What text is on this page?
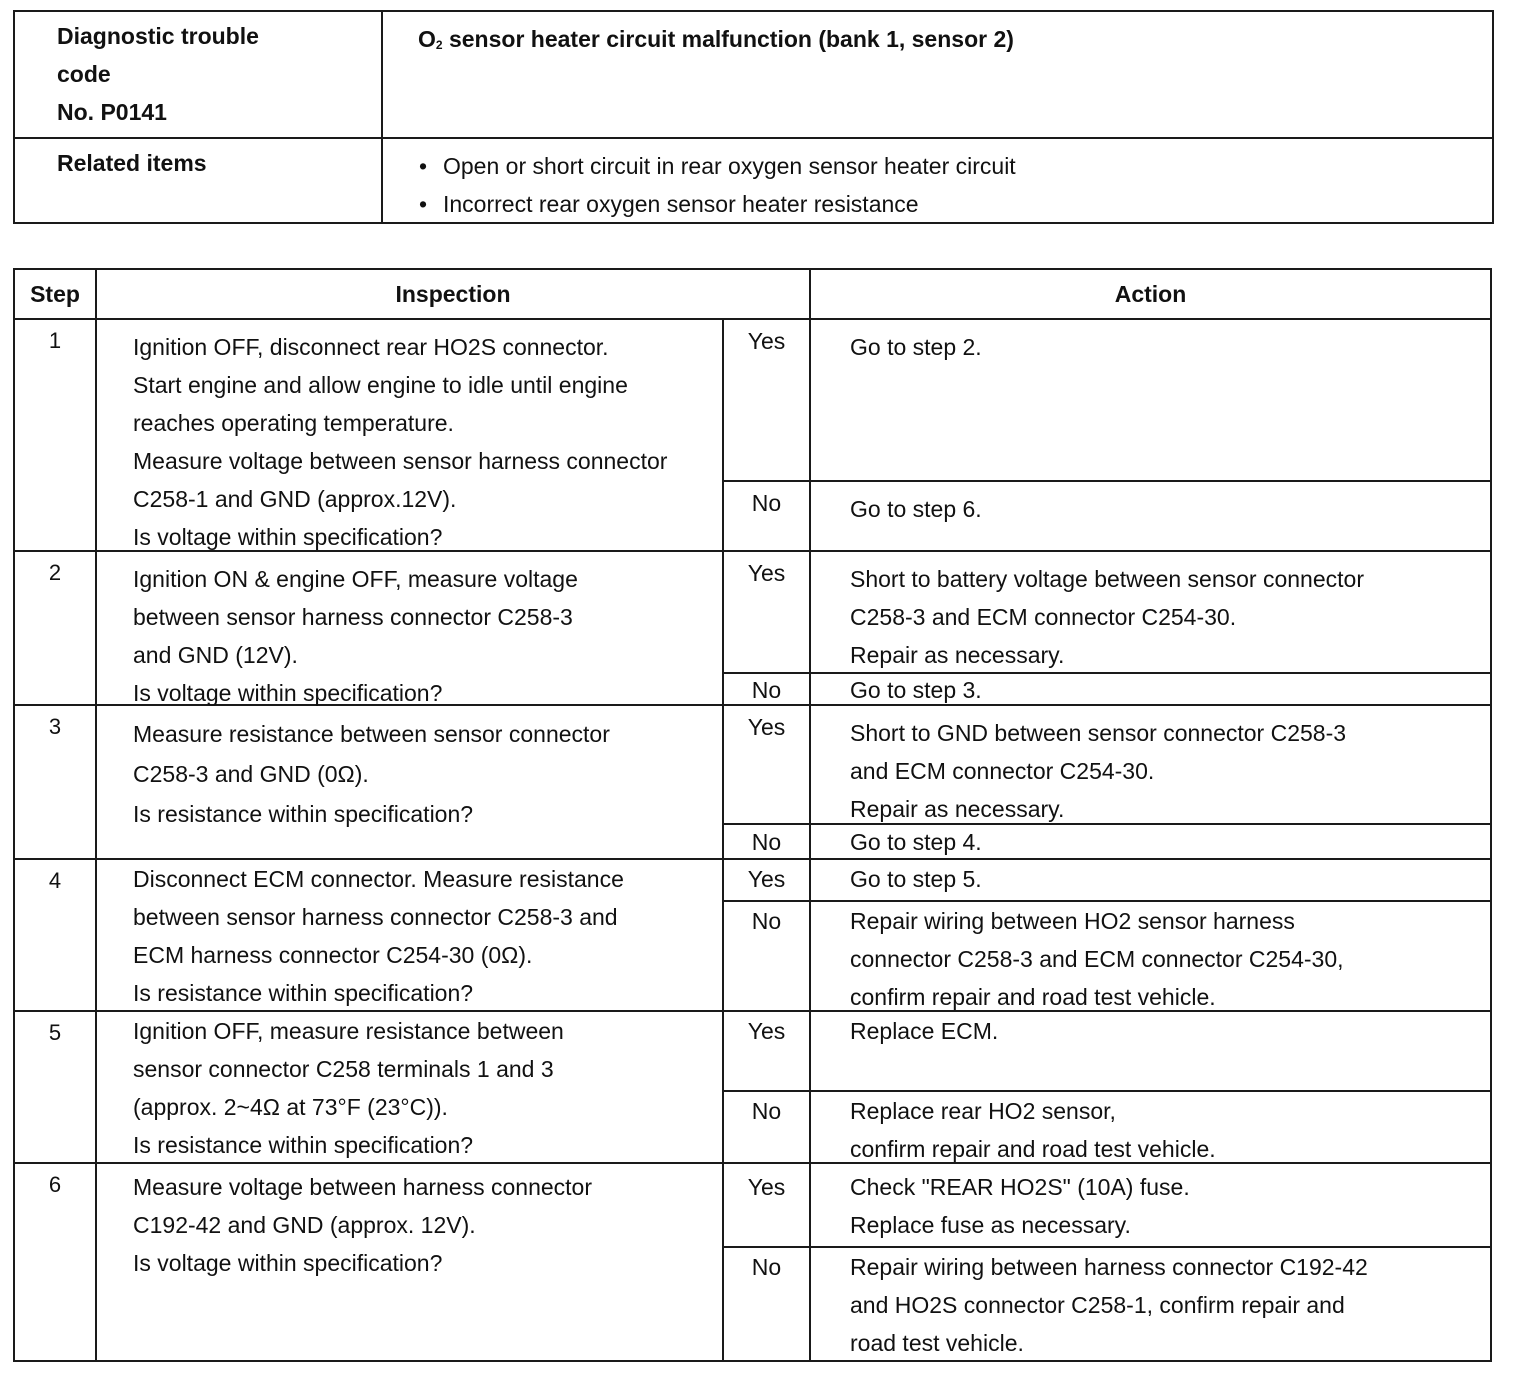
Diagnostic trouble
code
No. P0141
$O_2$ sensor heater circuit malfunction (bank 1, sensor 2)
Related items
•	Open or short circuit in rear oxygen sensor heater circuit
• Incorrect rear oxygen sensor heater resistance
Step	Inspection	Action
1	Ignition OFF, disconnect rear HO2S connector.
Start engine and allow engine to idle until engine
reaches operating temperature.
Measure voltage between sensor harness connector
C258-1 and GND (approx.12V).
Is voltage within specification?
Yes	Go to step 2.
No	Go to step 6.
2	Ignition ON & engine OFF, measure voltage
between sensor harness connector C258-3
and GND (12V).
Is voltage within specification?
Yes	Short to battery voltage between sensor connector
C258-3 and ECM connector C254-30.
Repair as necessary.
No	Go to step 3.
3	Measure resistance between sensor connector
C258-3 and GND (0Ω).
Is resistance within specification?
Yes	Short to GND between sensor connector C258-3
and ECM connector C254-30.
Repair as necessary.
No	Go to step 4.
4	Disconnect ECM connector. Measure resistance
between sensor harness connector C258-3 and
ECM harness connector C254-30 (0Ω).
Is resistance within specification?
Yes	Go to step 5.
No	Repair wiring between HO2 sensor harness
connector C258-3 and ECM connector C254-30,
confirm repair and road test vehicle.
5	Ignition OFF, measure resistance between
sensor connector C258 terminals 1 and 3
(approx. 2~4Ω at 73°F (23°C)).
Is resistance within specification?
Yes	Replace ECM.
No	Replace rear HO2 sensor,
confirm repair and road test vehicle.
6	Measure voltage between harness connector
C192-42 and GND (approx. 12V).
Is voltage within specification?
Yes	Check "REAR HO2S" (10A) fuse.
Replace fuse as necessary.
No	Repair wiring between harness connector C192-42
and HO2S connector C258-1, confirm repair and
road test vehicle.
